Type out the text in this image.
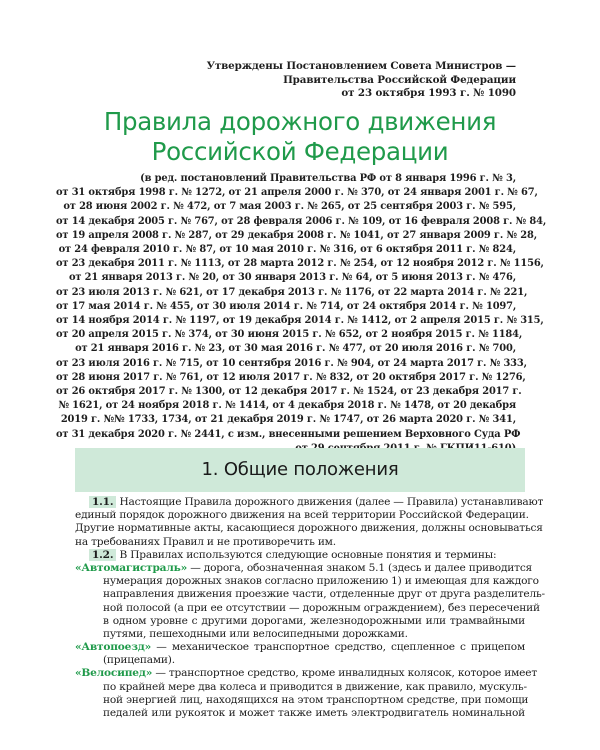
Утверждены Постановлением Совета Министров —
Правительства Российской Федерации
от 23 октября 1993 г. № 1090
Правила дорожного движения
Российской Федерации
(в ред. постановлений Правительства РФ от 8 января 1996 г. № 3,
от 31 октября 1998 г. № 1272, от 21 апреля 2000 г. № 370, от 24 января 2001 г. № 67,
от 28 июня 2002 г. № 472, от 7 мая 2003 г. № 265, от 25 сентября 2003 г. № 595,
от 14 декабря 2005 г. № 767, от 28 февраля 2006 г. № 109, от 16 февраля 2008 г. № 84,
от 19 апреля 2008 г. № 287, от 29 декабря 2008 г. № 1041, от 27 января 2009 г. № 28,
от 24 февраля 2010 г. № 87, от 10 мая 2010 г. № 316, от 6 октября 2011 г. № 824,
от 23 декабря 2011 г. № 1113, от 28 марта 2012 г. № 254, от 12 ноября 2012 г. № 1156,
от 21 января 2013 г. № 20, от 30 января 2013 г. № 64, от 5 июня 2013 г. № 476,
от 23 июля 2013 г. № 621, от 17 декабря 2013 г. № 1176, от 22 марта 2014 г. № 221,
от 17 мая 2014 г. № 455, от 30 июля 2014 г. № 714, от 24 октября 2014 г. № 1097,
от 14 ноября 2014 г. № 1197, от 19 декабря 2014 г. № 1412, от 2 апреля 2015 г. № 315,
от 20 апреля 2015 г. № 374, от 30 июня 2015 г. № 652, от 2 ноября 2015 г. № 1184,
от 21 января 2016 г. № 23, от 30 мая 2016 г. № 477, от 20 июля 2016 г. № 700,
от 23 июля 2016 г. № 715, от 10 сентября 2016 г. № 904, от 24 марта 2017 г. № 333,
от 28 июня 2017 г. № 761, от 12 июля 2017 г. № 832, от 20 октября 2017 г. № 1276,
от 26 октября 2017 г. № 1300, от 12 декабря 2017 г. № 1524, от 23 декабря 2017 г.
№ 1621, от 24 ноября 2018 г. № 1414, от 4 декабря 2018 г. № 1478, от 20 декабря
2019 г. №№ 1733, 1734, от 21 декабря 2019 г. № 1747, от 26 марта 2020 г. № 341,
от 31 декабря 2020 г. № 2441, с изм., внесенными решением Верховного Суда РФ
1. Общие положения
1.1. Настоящие Правила дорожного движения (далее — Правила) устанавливают
единый порядок дорожного движения на всей территории Российской Федерации.
Другие нормативные акты, касающиеся дорожного движения, должны основываться
на требованиях Правил и не противоречить им.
1.2. В Правилах используются следующие основные понятия и термины:
«Автомагистраль» — дорога, обозначенная знаком 5.1 (здесь и далее приводится
нумерация дорожных знаков согласно приложению 1) и имеющая для каждого
направления движения проезжие части, отделенные друг от друга разделитель-
ной полосой (а при ее отсутствии — дорожным ограждением), без пересечений
в одном уровне с другими дорогами, железнодорожными или трамвайными
путями, пешеходными или велосипедными дорожками.
«Автопоезд» — механическое транспортное средство, сцепленное с прицепом
(прицепами).
«Велосипед» — транспортное средство, кроме инвалидных колясок, которое имеет
по крайней мере два колеса и приводится в движение, как правило, мускуль-
ной энергией лиц, находящихся на этом транспортном средстве, при помощи
педалей или рукояток и может также иметь электродвигатель номинальной
